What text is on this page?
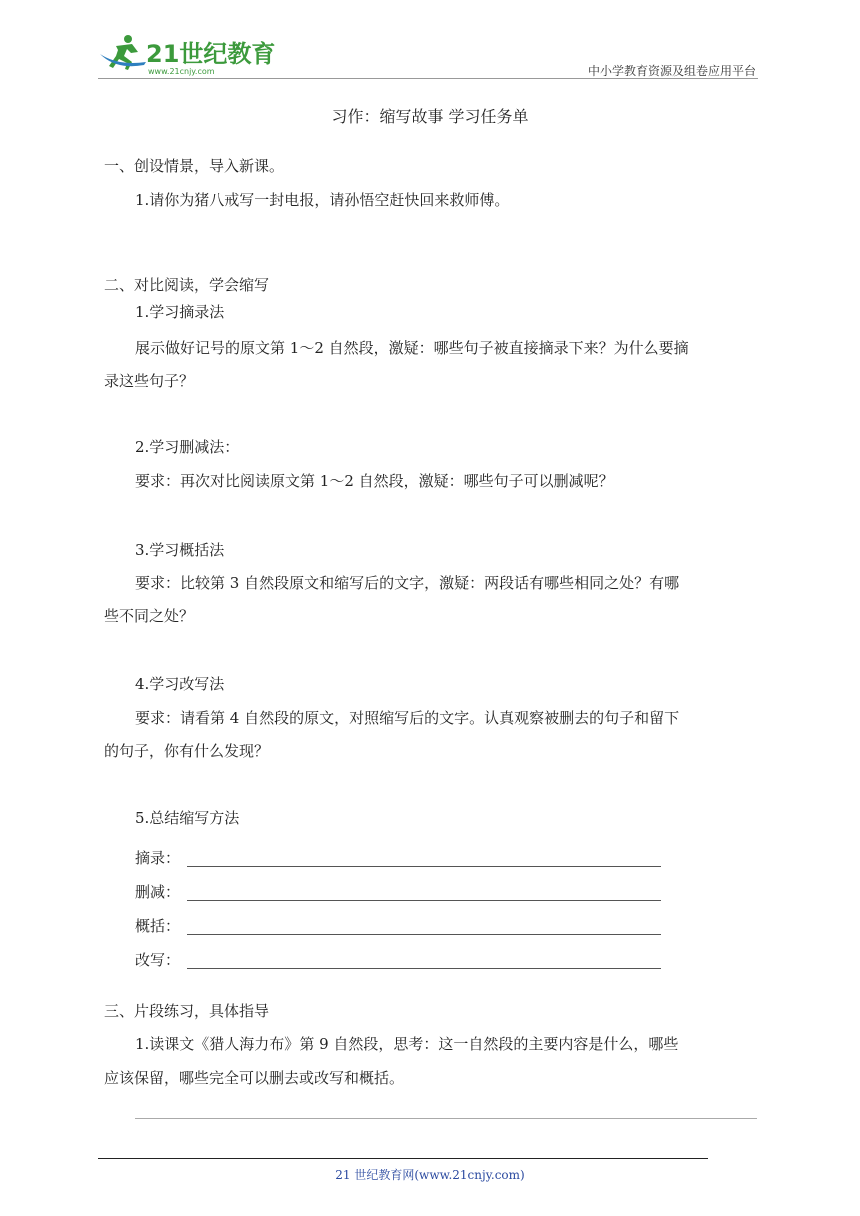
21世纪教育
www.21cnjy.com	中小学教育资源及组卷应用平台
习作：缩写故事 学习任务单
一、创设情景，导入新课。
1.请你为猪八戒写一封电报，请孙悟空赶快回来救师傅。
二、对比阅读，学会缩写
1.学习摘录法
展示做好记号的原文第 1～2 自然段，激疑：哪些句子被直接摘录下来？为什么要摘
录这些句子？
2.学习删减法：
要求：再次对比阅读原文第 1～2 自然段，激疑：哪些句子可以删减呢？
3.学习概括法
要求：比较第 3 自然段原文和缩写后的文字，激疑：两段话有哪些相同之处？有哪
些不同之处？
4.学习改写法
要求：请看第 4 自然段的原文，对照缩写后的文字。认真观察被删去的句子和留下
的句子，你有什么发现？
5.总结缩写方法
摘录：
删减：
概括：
改写：
三、片段练习，具体指导
1.读课文《猎人海力布》第 9 自然段，思考：这一自然段的主要内容是什么，哪些
应该保留，哪些完全可以删去或改写和概括。
21 世纪教育网(www.21cnjy.com)
